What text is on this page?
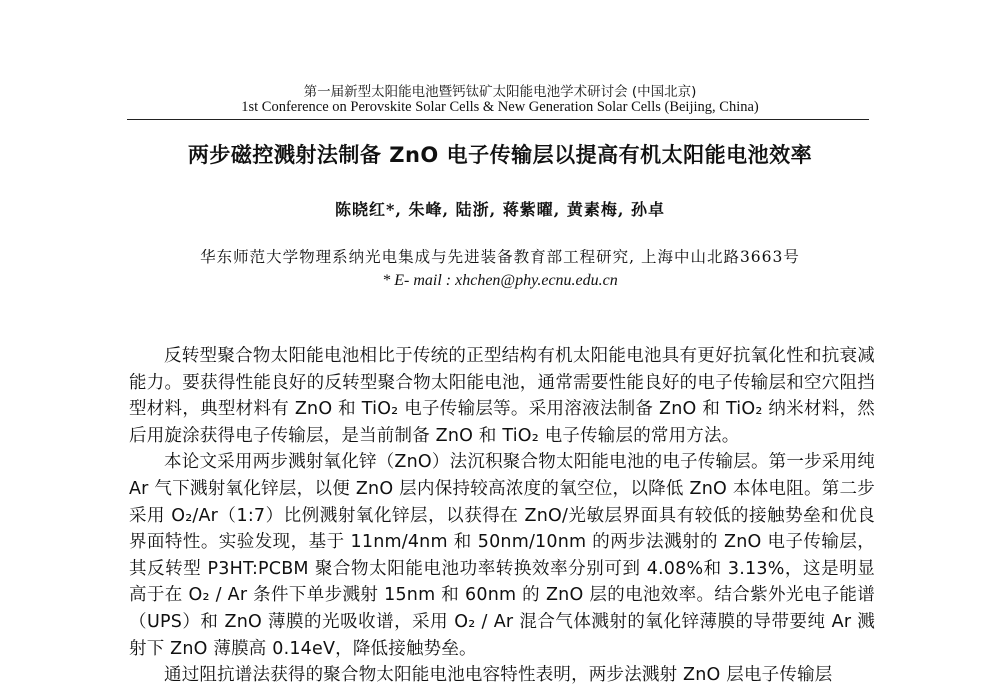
第一届新型太阳能电池暨钙钛矿太阳能电池学术研讨会 (中国北京)
1st Conference on Perovskite Solar Cells & New Generation Solar Cells (Beijing, China)
两步磁控溅射法制备 ZnO 电子传输层以提高有机太阳能电池效率
陈晓红*, 朱峰, 陆浙, 蒋紫曜, 黄素梅, 孙卓
华东师范大学物理系纳光电集成与先进装备教育部工程研究, 上海中山北路3663号
* E- mail : xhchen@phy.ecnu.edu.cn

反转型聚合物太阳能电池相比于传统的正型结构有机太阳能电池具有更好抗氧化性和抗衰减能力。要获得性能良好的反转型聚合物太阳能电池，通常需要性能良好的电子传输层和空穴阻挡型材料，典型材料有 ZnO 和 TiO₂ 电子传输层等。采用溶液法制备 ZnO 和 TiO₂ 纳米材料，然后用旋涂获得电子传输层，是当前制备 ZnO 和 TiO₂ 电子传输层的常用方法。

本论文采用两步溅射氧化锌（ZnO）法沉积聚合物太阳能电池的电子传输层。第一步采用纯 Ar 气下溅射氧化锌层，以便 ZnO 层内保持较高浓度的氧空位，以降低 ZnO 本体电阻。第二步采用 O₂/Ar（1:7）比例溅射氧化锌层，以获得在 ZnO/光敏层界面具有较低的接触势垒和优良界面特性。实验发现，基于 11nm/4nm 和 50nm/10nm 的两步法溅射的 ZnO 电子传输层，其反转型 P3HT:PCBM 聚合物太阳能电池功率转换效率分别可到 4.08%和 3.13%，这是明显高于在 O₂ / Ar 条件下单步溅射 15nm 和 60nm 的 ZnO 层的电池效率。结合紫外光电子能谱（UPS）和 ZnO 薄膜的光吸收谱，采用 O₂ / Ar 混合气体溅射的氧化锌薄膜的导带要纯 Ar 溅射下 ZnO 薄膜高 0.14eV，降低接触势垒。

通过阻抗谱法获得的聚合物太阳能电池电容特性表明，两步法溅射 ZnO 层电子传输层
